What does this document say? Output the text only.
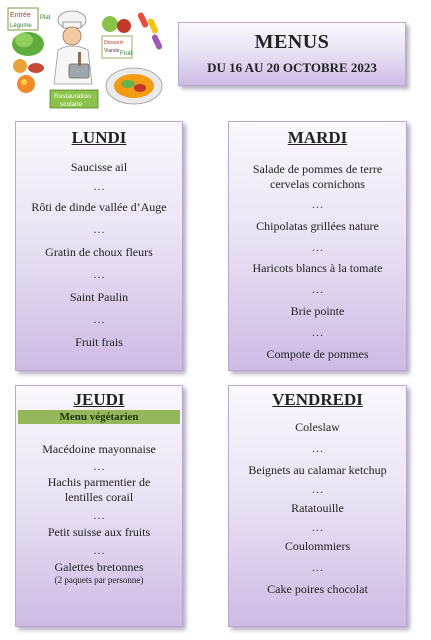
Entrée
Légume
Plat
Dessert
Viande Fruit
Restauration
scolaire
MENUS
DU 16 AU 20 OCTOBRE 2023
LUNDI
Saucisse ail
…
Rôti de dinde vallée d’Auge
…
Gratin de choux fleurs
…
Saint Paulin
…
Fruit frais
MARDI
Salade de pommes de terre
cervelas cornichons
…
Chipolatas grillées nature
…
Haricots blancs à la tomate
…
Brie pointe
…
Compote de pommes
JEUDI
Menu végétarien
Macédoine mayonnaise
…
Hachis parmentier de
lentilles corail
…
Petit suisse aux fruits
…
Galettes bretonnes
(2 paquets par personne)
VENDREDI
Coleslaw
…
Beignets au calamar ketchup
…
Ratatouille
…
Coulommiers
…
Cake poires chocolat
